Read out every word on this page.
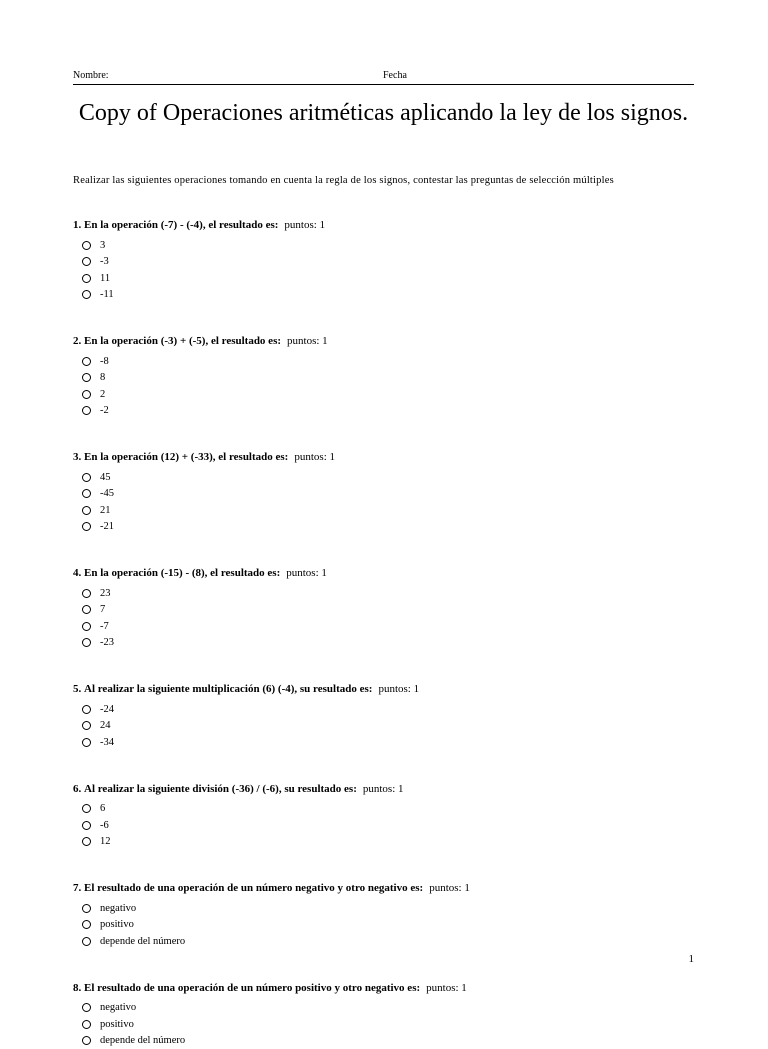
Nombre:	Fecha
Copy of Operaciones aritméticas aplicando la ley de los signos.
Realizar las siguientes operaciones tomando en cuenta la regla de los signos, contestar las preguntas de selección múltiples
1. En la operación (-7) - (-4), el resultado es: puntos: 1
3
-3
11
-11
2. En la operación (-3) + (-5), el resultado es: puntos: 1
-8
8
2
-2
3. En la operación (12) + (-33), el resultado es: puntos: 1
45
-45
21
-21
4. En la operación (-15) - (8), el resultado es: puntos: 1
23
7
-7
-23
5. Al realizar la siguiente multiplicación (6) (-4), su resultado es: puntos: 1
-24
24
-34
6. Al realizar la siguiente división (-36) / (-6), su resultado es: puntos: 1
6
-6
12
7. El resultado de una operación de un número negativo y otro negativo es: puntos: 1
negativo
positivo
depende del número
8. El resultado de una operación de un número positivo y otro negativo es: puntos: 1
negativo
positivo
depende del número
1
